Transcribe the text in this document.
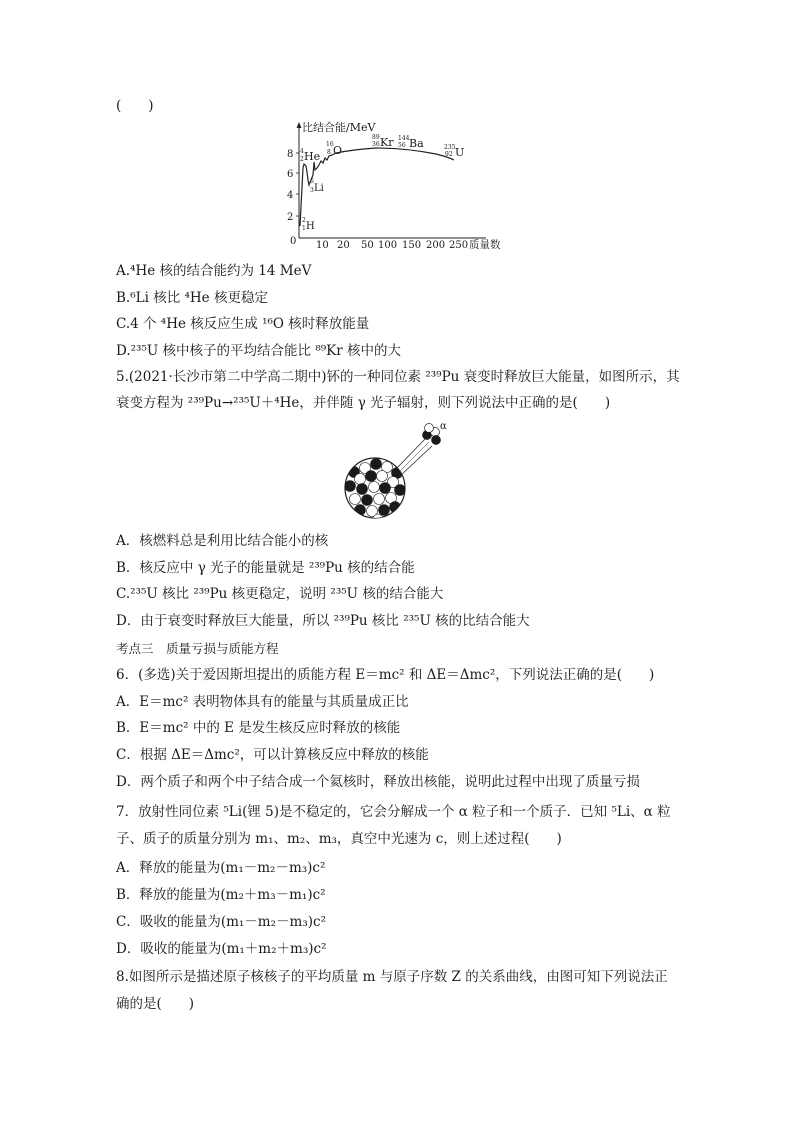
(　　)
比结合能/MeV
2
4
6
8
0 10 20 50 100 150 200 250 质量数
2
1 H
6
3 Li
4
2 He
16
8 O
89
36 Kr 144
56 Ba	235
92 U
A.⁴He 核的结合能约为 14 MeV
B.⁶Li 核比 ⁴He 核更稳定
C.4 个 ⁴He 核反应生成 ¹⁶O 核时释放能量
D.²³⁵U 核中核子的平均结合能比 ⁸⁹Kr 核中的大
5.(2021·长沙市第二中学高二期中)钚的一种同位素 ²³⁹Pu 衰变时释放巨大能量，如图所示，其
衰变方程为 ²³⁹Pu→²³⁵U＋⁴He，并伴随 γ 光子辐射，则下列说法中正确的是(　　)
α
A．核燃料总是利用比结合能小的核
B．核反应中 γ 光子的能量就是 ²³⁹Pu 核的结合能
C.²³⁵U 核比 ²³⁹Pu 核更稳定，说明 ²³⁵U 核的结合能大
D．由于衰变时释放巨大能量，所以 ²³⁹Pu 核比 ²³⁵U 核的比结合能大
考点三　质量亏损与质能方程
6．(多选)关于爱因斯坦提出的质能方程 E＝mc² 和 ΔE＝Δmc²，下列说法正确的是(　　)
A．E＝mc² 表明物体具有的能量与其质量成正比
B．E＝mc² 中的 E 是发生核反应时释放的核能
C．根据 ΔE＝Δmc²，可以计算核反应中释放的核能
D．两个质子和两个中子结合成一个氦核时，释放出核能，说明此过程中出现了质量亏损
7．放射性同位素 ⁵Li(锂 5)是不稳定的，它会分解成一个 α 粒子和一个质子．已知 ⁵Li、α 粒
子、质子的质量分别为 m₁、m₂、m₃，真空中光速为 c，则上述过程(　　)
A．释放的能量为(m₁－m₂－m₃)c²
B．释放的能量为(m₂＋m₃－m₁)c²
C．吸收的能量为(m₁－m₂－m₃)c²
D．吸收的能量为(m₁＋m₂＋m₃)c²
8.如图所示是描述原子核核子的平均质量 m 与原子序数 Z 的关系曲线，由图可知下列说法正
确的是(　　)
